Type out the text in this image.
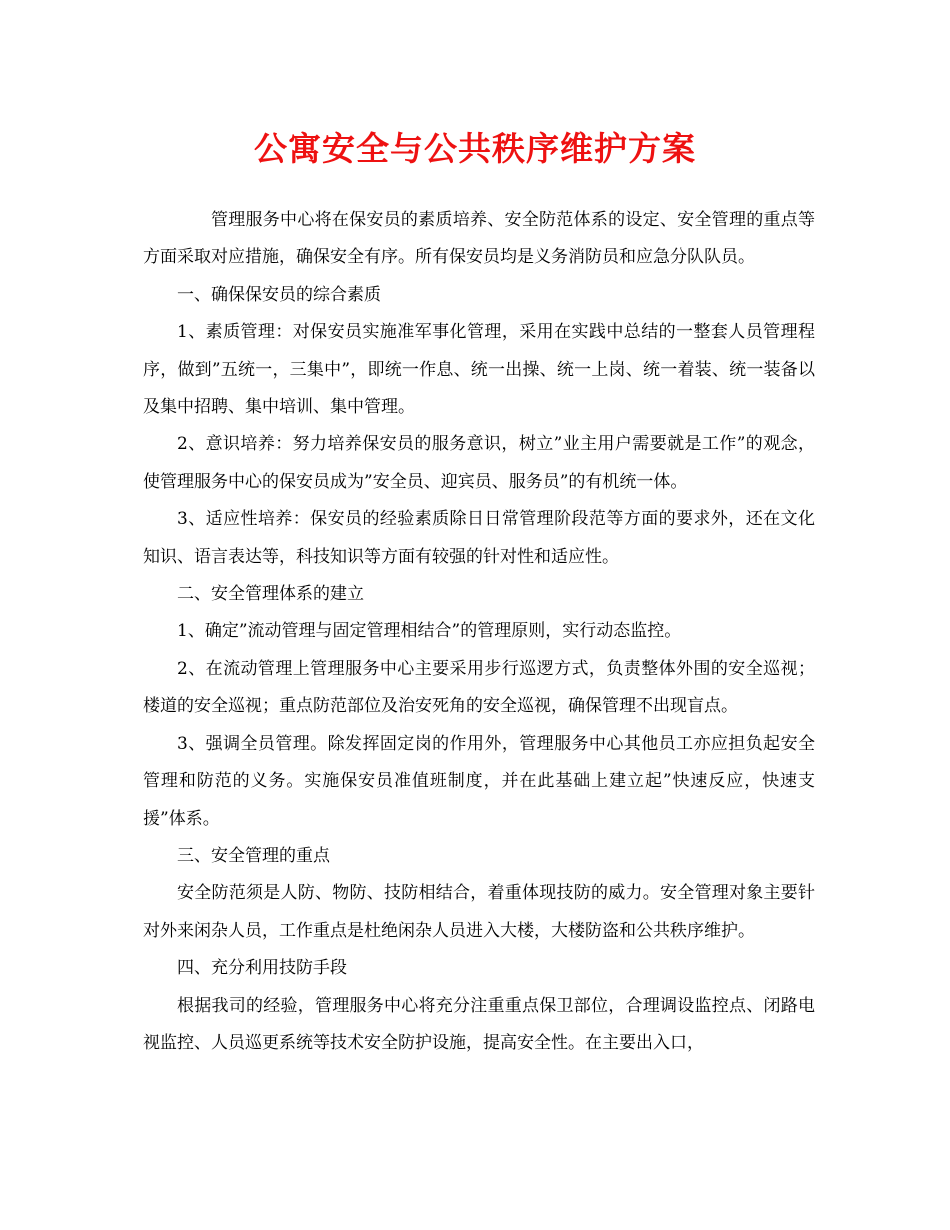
公寓安全与公共秩序维护方案

管理服务中心将在保安员的素质培养、安全防范体系的设定、安全管理的重点等方面采取对应措施，确保安全有序。所有保安员均是义务消防员和应急分队队员。

一、确保保安员的综合素质

1、素质管理：对保安员实施准军事化管理，采用在实践中总结的一整套人员管理程序，做到”五统一，三集中”，即统一作息、统一出操、统一上岗、统一着装、统一装备以及集中招聘、集中培训、集中管理。

2、意识培养：努力培养保安员的服务意识，树立”业主用户需要就是工作”的观念，使管理服务中心的保安员成为”安全员、迎宾员、服务员”的有机统一体。

3、适应性培养：保安员的经验素质除日日常管理阶段范等方面的要求外，还在文化知识、语言表达等，科技知识等方面有较强的针对性和适应性。

二、安全管理体系的建立

1、确定”流动管理与固定管理相结合”的管理原则，实行动态监控。

2、在流动管理上管理服务中心主要采用步行巡逻方式，负责整体外围的安全巡视；楼道的安全巡视；重点防范部位及治安死角的安全巡视，确保管理不出现盲点。

3、强调全员管理。除发挥固定岗的作用外，管理服务中心其他员工亦应担负起安全管理和防范的义务。实施保安员准值班制度，并在此基础上建立起”快速反应，快速支援”体系。

三、安全管理的重点

安全防范须是人防、物防、技防相结合，着重体现技防的威力。安全管理对象主要针对外来闲杂人员，工作重点是杜绝闲杂人员进入大楼，大楼防盗和公共秩序维护。

四、充分利用技防手段

根据我司的经验，管理服务中心将充分注重重点保卫部位，合理调设监控点、闭路电视监控、人员巡更系统等技术安全防护设施，提高安全性。在主要出入口，
